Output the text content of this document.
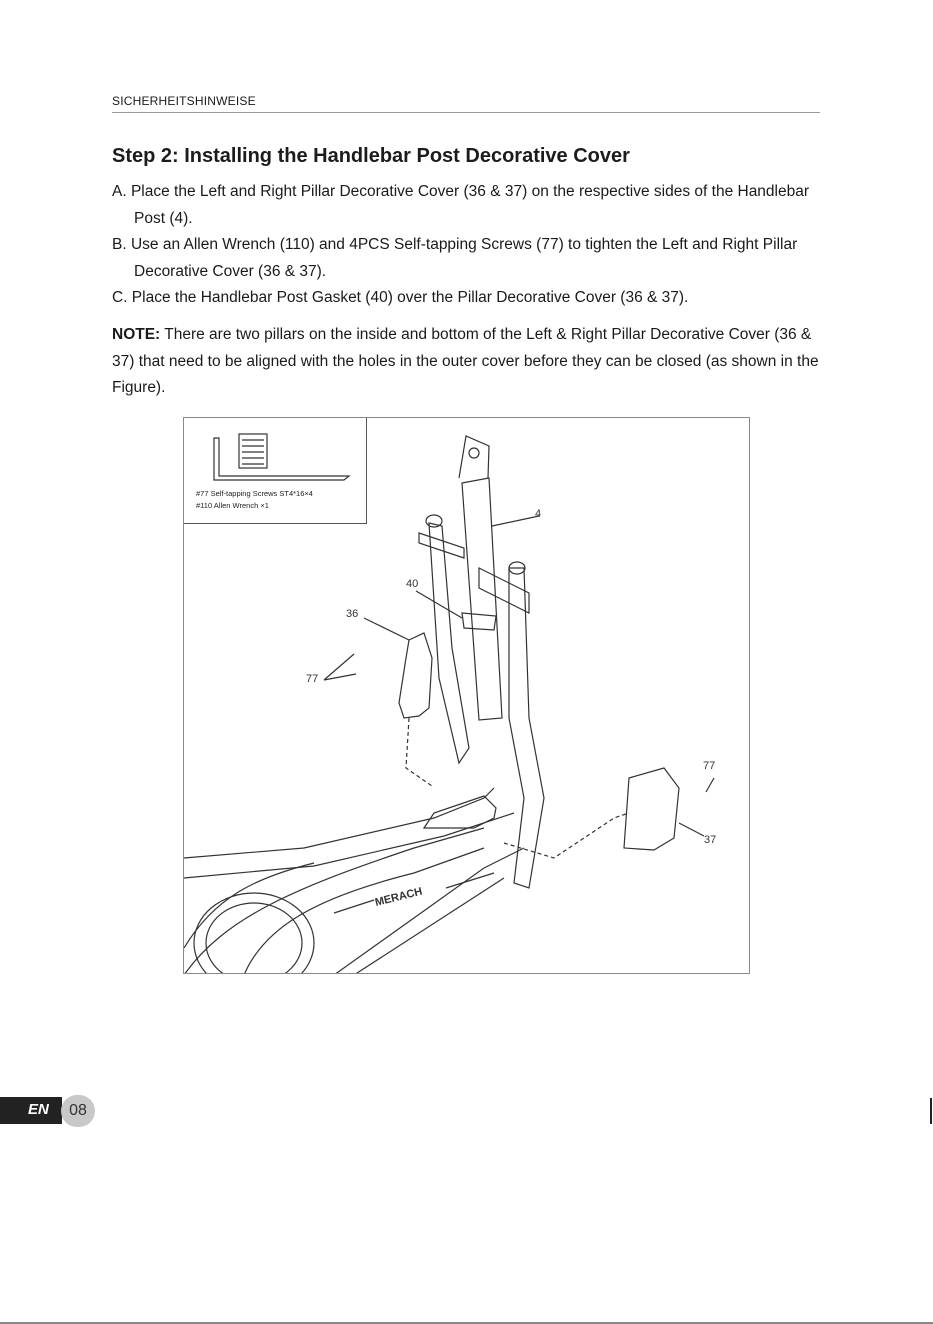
SICHERHEITSHINWEISE
Step 2: Installing the Handlebar Post Decorative Cover
A. Place the Left and Right Pillar Decorative Cover (36 & 37) on the respective sides of the Handlebar Post (4).
B. Use an Allen Wrench (110) and 4PCS Self-tapping Screws (77) to tighten the Left and Right Pillar Decorative Cover (36 & 37).
C. Place the Handlebar Post Gasket (40) over the Pillar Decorative Cover (36 & 37).
NOTE: There are two pillars on the inside and bottom of the Left & Right Pillar Decorative Cover (36 & 37) that need to be aligned with the holes in the outer cover before they can be closed (as shown in the Figure).
MERACH
#77 Self-tapping Screws ST4*16×4
#110 Allen Wrench ×1
4
40
36
77
77
37
EN	08
